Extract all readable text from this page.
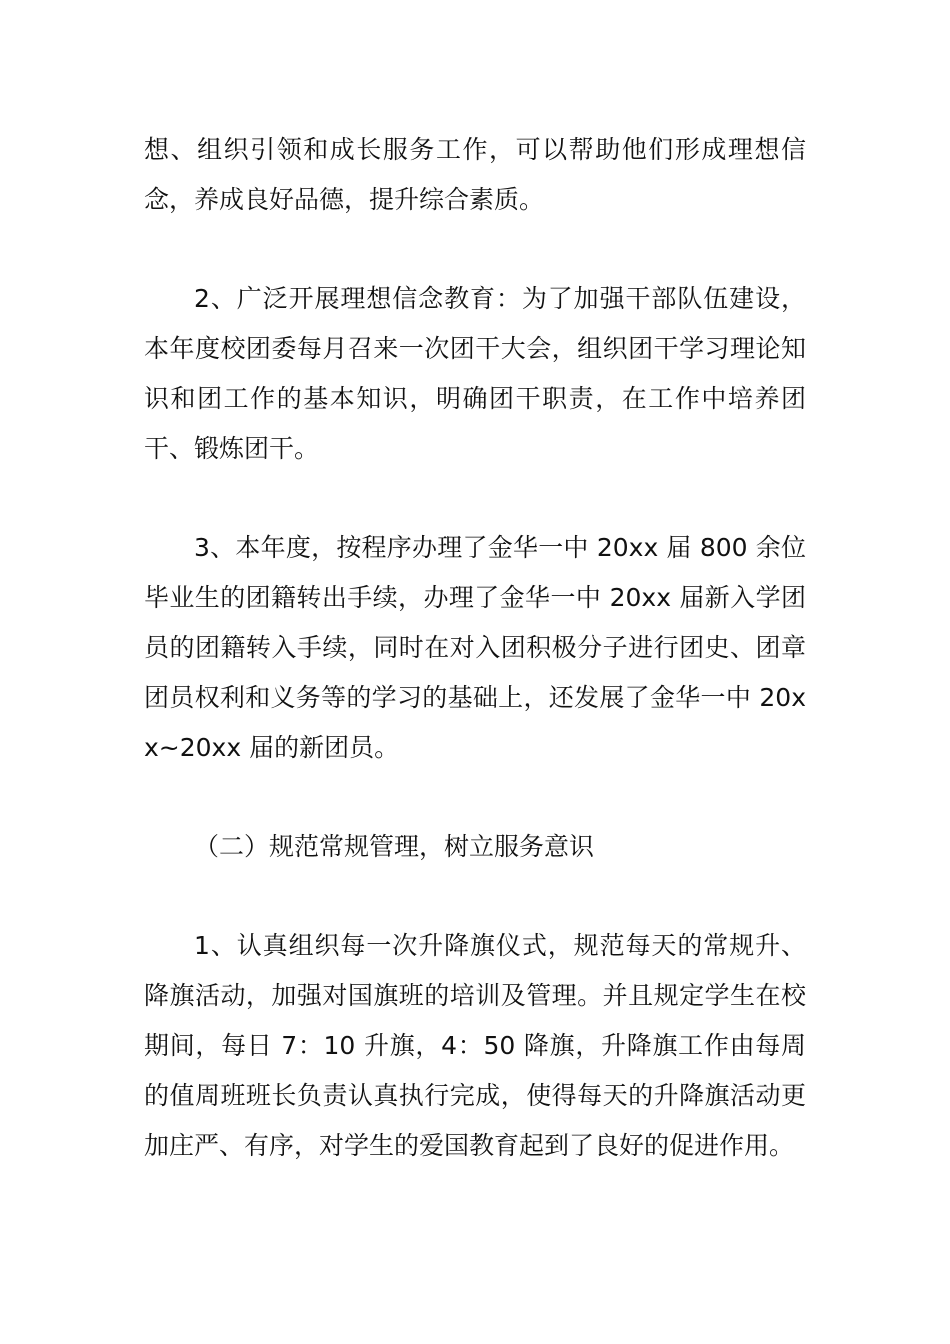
想、组织引领和成长服务工作，可以帮助他们形成理想信念，养成良好品德，提升综合素质。

2、广泛开展理想信念教育：为了加强干部队伍建设，本年度校团委每月召来一次团干大会，组织团干学习理论知识和团工作的基本知识，明确团干职责，在工作中培养团干、锻炼团干。

3、本年度，按程序办理了金华一中 20xx 届 800 余位毕业生的团籍转出手续，办理了金华一中 20xx 届新入学团员的团籍转入手续，同时在对入团积极分子进行团史、团章团员权利和义务等的学习的基础上，还发展了金华一中 20xx~20xx 届的新团员。

（二）规范常规管理，树立服务意识

1、认真组织每一次升降旗仪式，规范每天的常规升、降旗活动，加强对国旗班的培训及管理。并且规定学生在校期间，每日 7：10 升旗，4：50 降旗，升降旗工作由每周的值周班班长负责认真执行完成，使得每天的升降旗活动更加庄严、有序，对学生的爱国教育起到了良好的促进作用。
